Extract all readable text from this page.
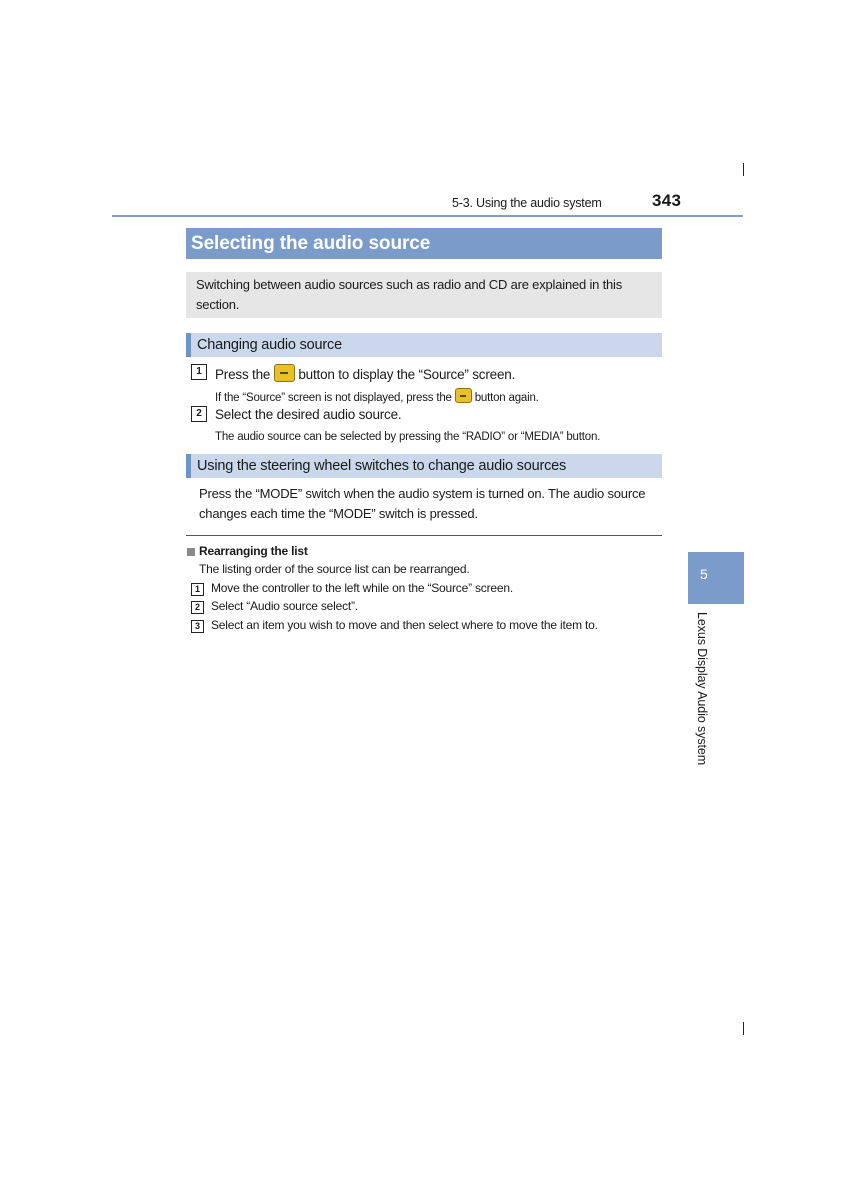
5-3. Using the audio system	343
Selecting the audio source
Switching between audio sources such as radio and CD are explained in this section.
Changing audio source
1 Press the button to display the “Source” screen.
If the “Source” screen is not displayed, press the button again.
2 Select the desired audio source.
The audio source can be selected by pressing the “RADIO” or “MEDIA” button.
Using the steering wheel switches to change audio sources
Press the “MODE” switch when the audio system is turned on. The audio source changes each time the “MODE” switch is pressed.
Rearranging the list
The listing order of the source list can be rearranged.
1 Move the controller to the left while on the “Source” screen.
2 Select “Audio source select”.
3 Select an item you wish to move and then select where to move the item to.
5
Lexus Display Audio system
